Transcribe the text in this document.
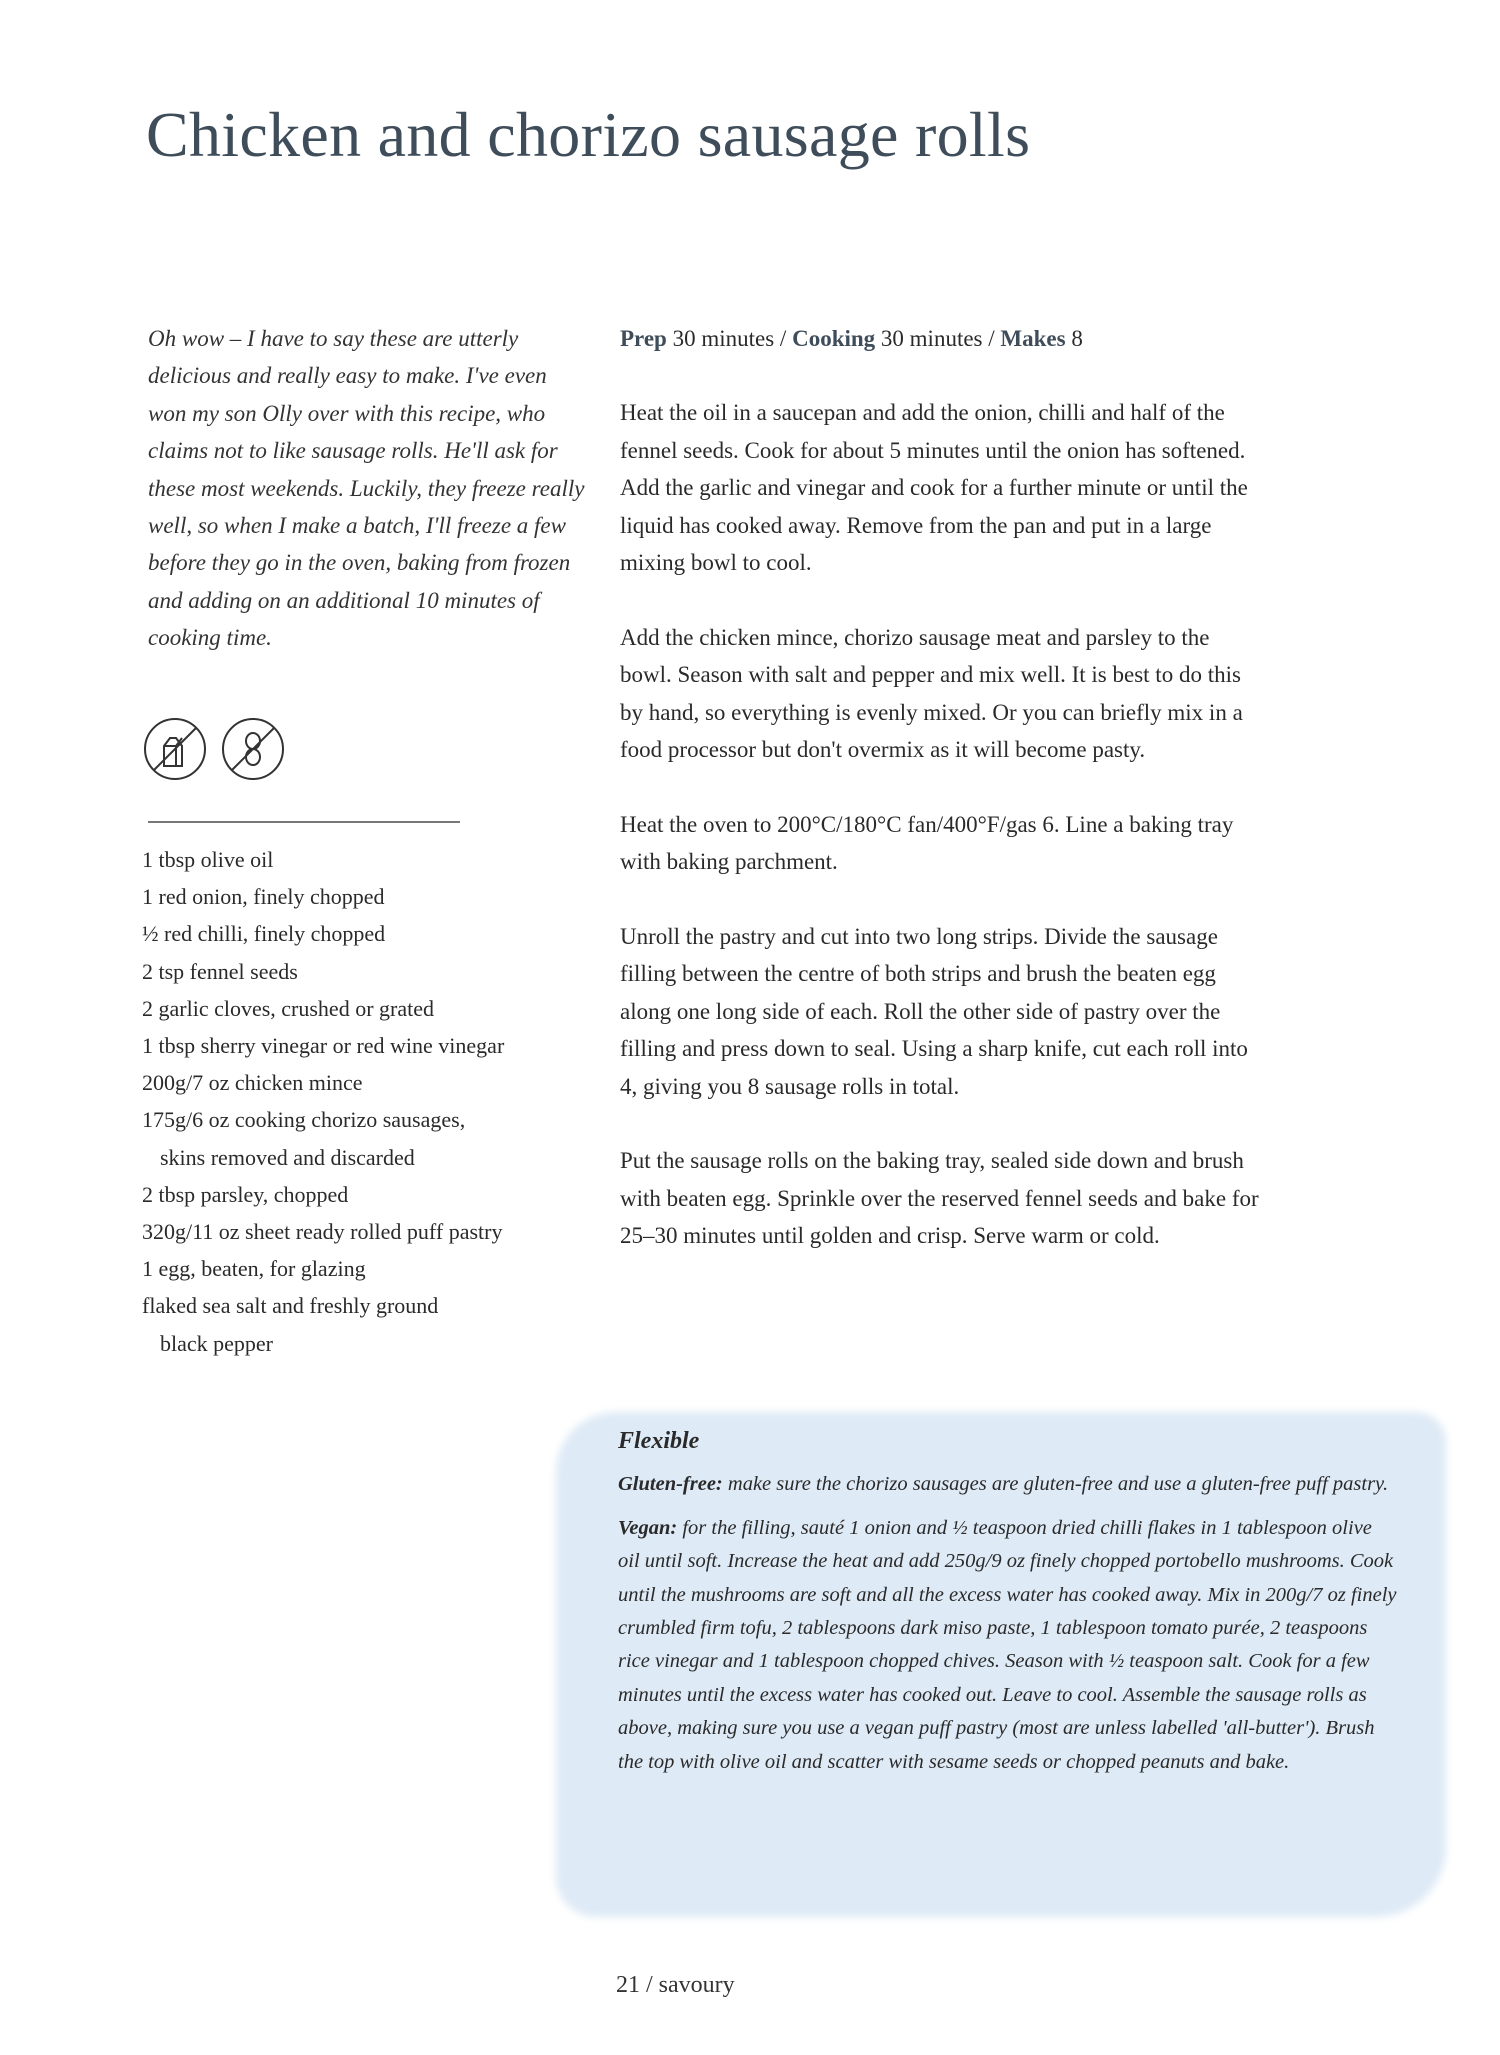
Chicken and chorizo sausage rolls
Oh wow – I have to say these are utterly delicious and really easy to make. I've even won my son Olly over with this recipe, who claims not to like sausage rolls. He'll ask for these most weekends. Luckily, they freeze really well, so when I make a batch, I'll freeze a few before they go in the oven, baking from frozen and adding on an additional 10 minutes of cooking time.
1 tbsp olive oil
1 red onion, finely chopped
½ red chilli, finely chopped
2 tsp fennel seeds
2 garlic cloves, crushed or grated
1 tbsp sherry vinegar or red wine vinegar
200g/7 oz chicken mince
175g/6 oz cooking chorizo sausages,
skins removed and discarded
2 tbsp parsley, chopped
320g/11 oz sheet ready rolled puff pastry
1 egg, beaten, for glazing
flaked sea salt and freshly ground
black pepper
Prep 30 minutes / Cooking 30 minutes / Makes 8

Heat the oil in a saucepan and add the onion, chilli and half of the fennel seeds. Cook for about 5 minutes until the onion has softened. Add the garlic and vinegar and cook for a further minute or until the liquid has cooked away. Remove from the pan and put in a large mixing bowl to cool.

Add the chicken mince, chorizo sausage meat and parsley to the bowl. Season with salt and pepper and mix well. It is best to do this by hand, so everything is evenly mixed. Or you can briefly mix in a food processor but don't overmix as it will become pasty.

Heat the oven to 200°C/180°C fan/400°F/gas 6. Line a baking tray with baking parchment.

Unroll the pastry and cut into two long strips. Divide the sausage filling between the centre of both strips and brush the beaten egg along one long side of each. Roll the other side of pastry over the filling and press down to seal. Using a sharp knife, cut each roll into 4, giving you 8 sausage rolls in total.

Put the sausage rolls on the baking tray, sealed side down and brush with beaten egg. Sprinkle over the reserved fennel seeds and bake for 25–30 minutes until golden and crisp. Serve warm or cold.

Flexible

Gluten-free: make sure the chorizo sausages are gluten-free and use a gluten-free puff pastry.

Vegan: for the filling, sauté 1 onion and ½ teaspoon dried chilli flakes in 1 tablespoon olive oil until soft. Increase the heat and add 250g/9 oz finely chopped portobello mushrooms. Cook until the mushrooms are soft and all the excess water has cooked away. Mix in 200g/7 oz finely crumbled firm tofu, 2 tablespoons dark miso paste, 1 tablespoon tomato purée, 2 teaspoons rice vinegar and 1 tablespoon chopped chives. Season with ½ teaspoon salt. Cook for a few minutes until the excess water has cooked out. Leave to cool. Assemble the sausage rolls as above, making sure you use a vegan puff pastry (most are unless labelled 'all-butter'). Brush the top with olive oil and scatter with sesame seeds or chopped peanuts and bake.

21 / savoury
